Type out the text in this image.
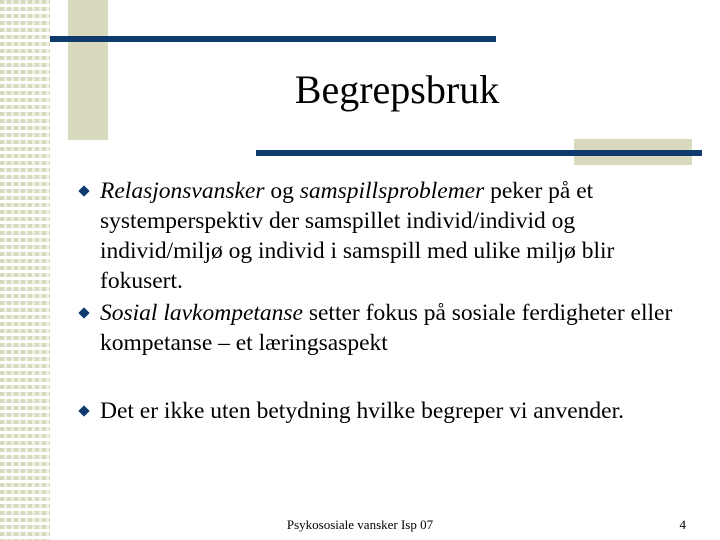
Begrepsbruk
Relasjonsvansker og samspillsproblemer peker på et systemperspektiv der samspillet individ/individ og individ/miljø og individ i samspill med ulike miljø blir fokusert.
Sosial lavkompetanse setter fokus på sosiale ferdigheter eller kompetanse – et læringsaspekt
Det er ikke uten betydning hvilke begreper vi anvender.
Psykososiale vansker Isp 07	4
